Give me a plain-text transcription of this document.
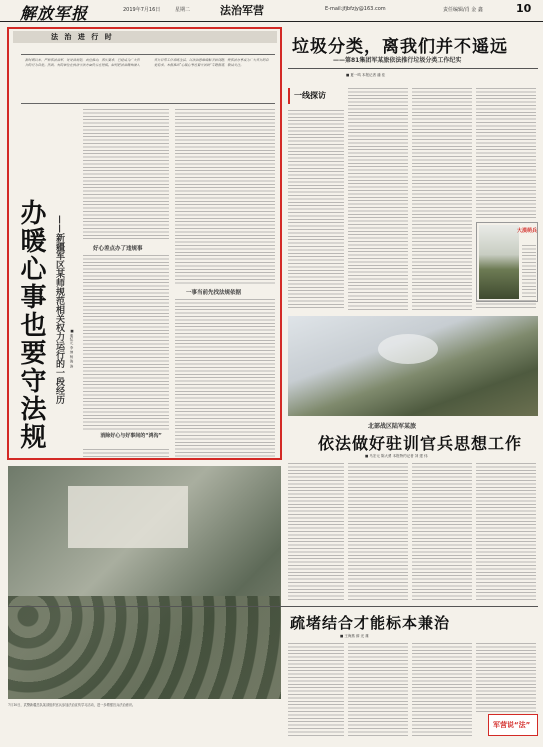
解放军报	2019年7月16日	星期二	法治军营	E-mail:jfjbfzjy@163.com	责任编辑/肖 金 鑫	10
法 治 进 行 时
新时期以来，严格依法治军，处处讲规矩，高位推动，落实要求，已经成为广大官兵的行为自觉。然而，有的单位在执法守法方面仍存在短板。如何把法治精神融入官兵日常工作训练生活，以法治思维破解矛盾问题，使依法办事成为广大官兵的自觉追求。本报推出“心暖心事也要守法规”专题报道，敬请关注。
办暖心事也要守法规 ——新疆军区某师规范相关权力运行的一段经历	■ 秦纪元 李 坤 杨 海 涛
好心差点办了违规事
消除好心与好事间的“鸿沟”
一事当前先找法规依据
7月10日，武警新疆总队某部组织官兵参加法治宣传学习活动，进一步增强官兵法治意识。
垃圾分类，离我们并不遥远
——第81集团军某旅依法推行垃圾分类工作纪实
■ 夏一鸣 本报记者 潘 佳
一线探访
大漠萌兵
北部战区陆军某旅
依法做好驻训官兵思想工作
■ 马宏元 陈大勇 本报特约记者 刘 建 伟
疏堵结合才能标本兼治
■ 王海燕 薛 光 雄
军营说“法”
